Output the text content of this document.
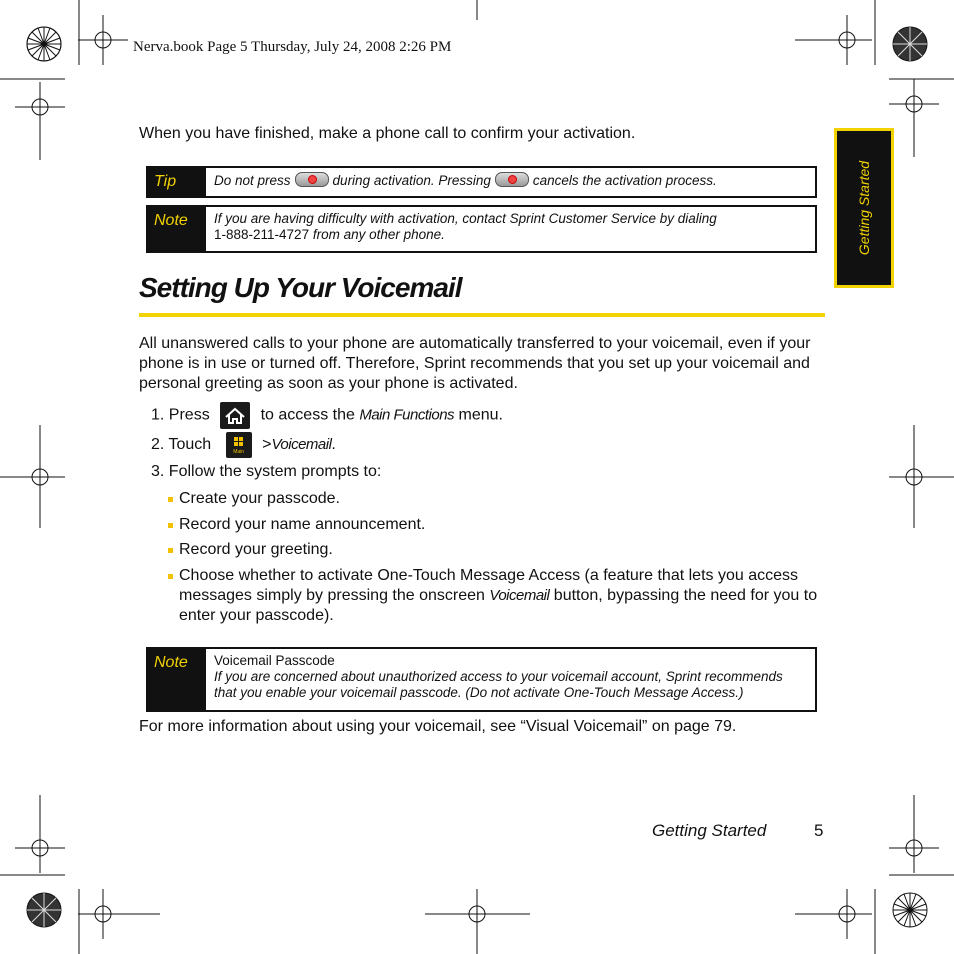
Nerva.book Page 5 Thursday, July 24, 2008 2:26 PM
Getting Started
When you have finished, make a phone call to confirm your activation.
Tip	Do not press	during activation. Pressing	cancels the activation process.
Note	If you are having difficulty with activation, contact Sprint Customer Service by dialing
1-888-211-4727 from any other phone.
Setting Up Your Voicemail
All unanswered calls to your phone are automatically transferred to your voicemail, even if your phone is in use or turned off. Therefore, Sprint recommends that you set up your voicemail and personal greeting as soon as your phone is activated.
1. Press	to access the Main Functions menu.
2. Touch	Main	>Voicemail.
3. Follow the system prompts to:
Create your passcode.
Record your name announcement.
Record your greeting.
Choose whether to activate One-Touch Message Access (a feature that lets you access messages simply by pressing the onscreen Voicemail button, bypassing the need for you to enter your passcode).
Note	Voicemail Passcode
If you are concerned about unauthorized access to your voicemail account, Sprint recommends that you enable your voicemail passcode. (Do not activate One-Touch Message Access.)
For more information about using your voicemail, see “Visual Voicemail” on page 79.
Getting Started	5
